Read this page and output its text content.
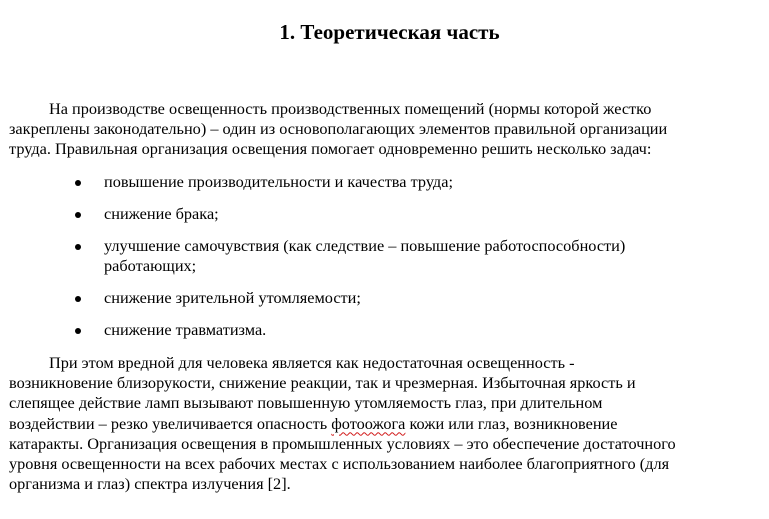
1. Теоретическая часть

На производстве освещенность производственных помещений (нормы которой жестко
закреплены законодательно) – один из основополагающих элементов правильной организации
труда. Правильная организация освещения помогает одновременно решить несколько задач:

повышение производительности и качества труда;
снижение брака;
улучшение самочувствия (как следствие – повышение работоспособности)
работающих;
снижение зрительной утомляемости;
снижение травматизма.

При этом вредной для человека является как недостаточная освещенность -
возникновение близорукости, снижение реакции, так и чрезмерная. Избыточная яркость и
слепящее действие ламп вызывают повышенную утомляемость глаз, при длительном
воздействии – резко увеличивается опасность фотоожога кожи или глаз, возникновение
катаракты. Организация освещения в промышленных условиях – это обеспечение достаточного
уровня освещенности на всех рабочих местах с использованием наиболее благоприятного (для
организма и глаз) спектра излучения [2].
